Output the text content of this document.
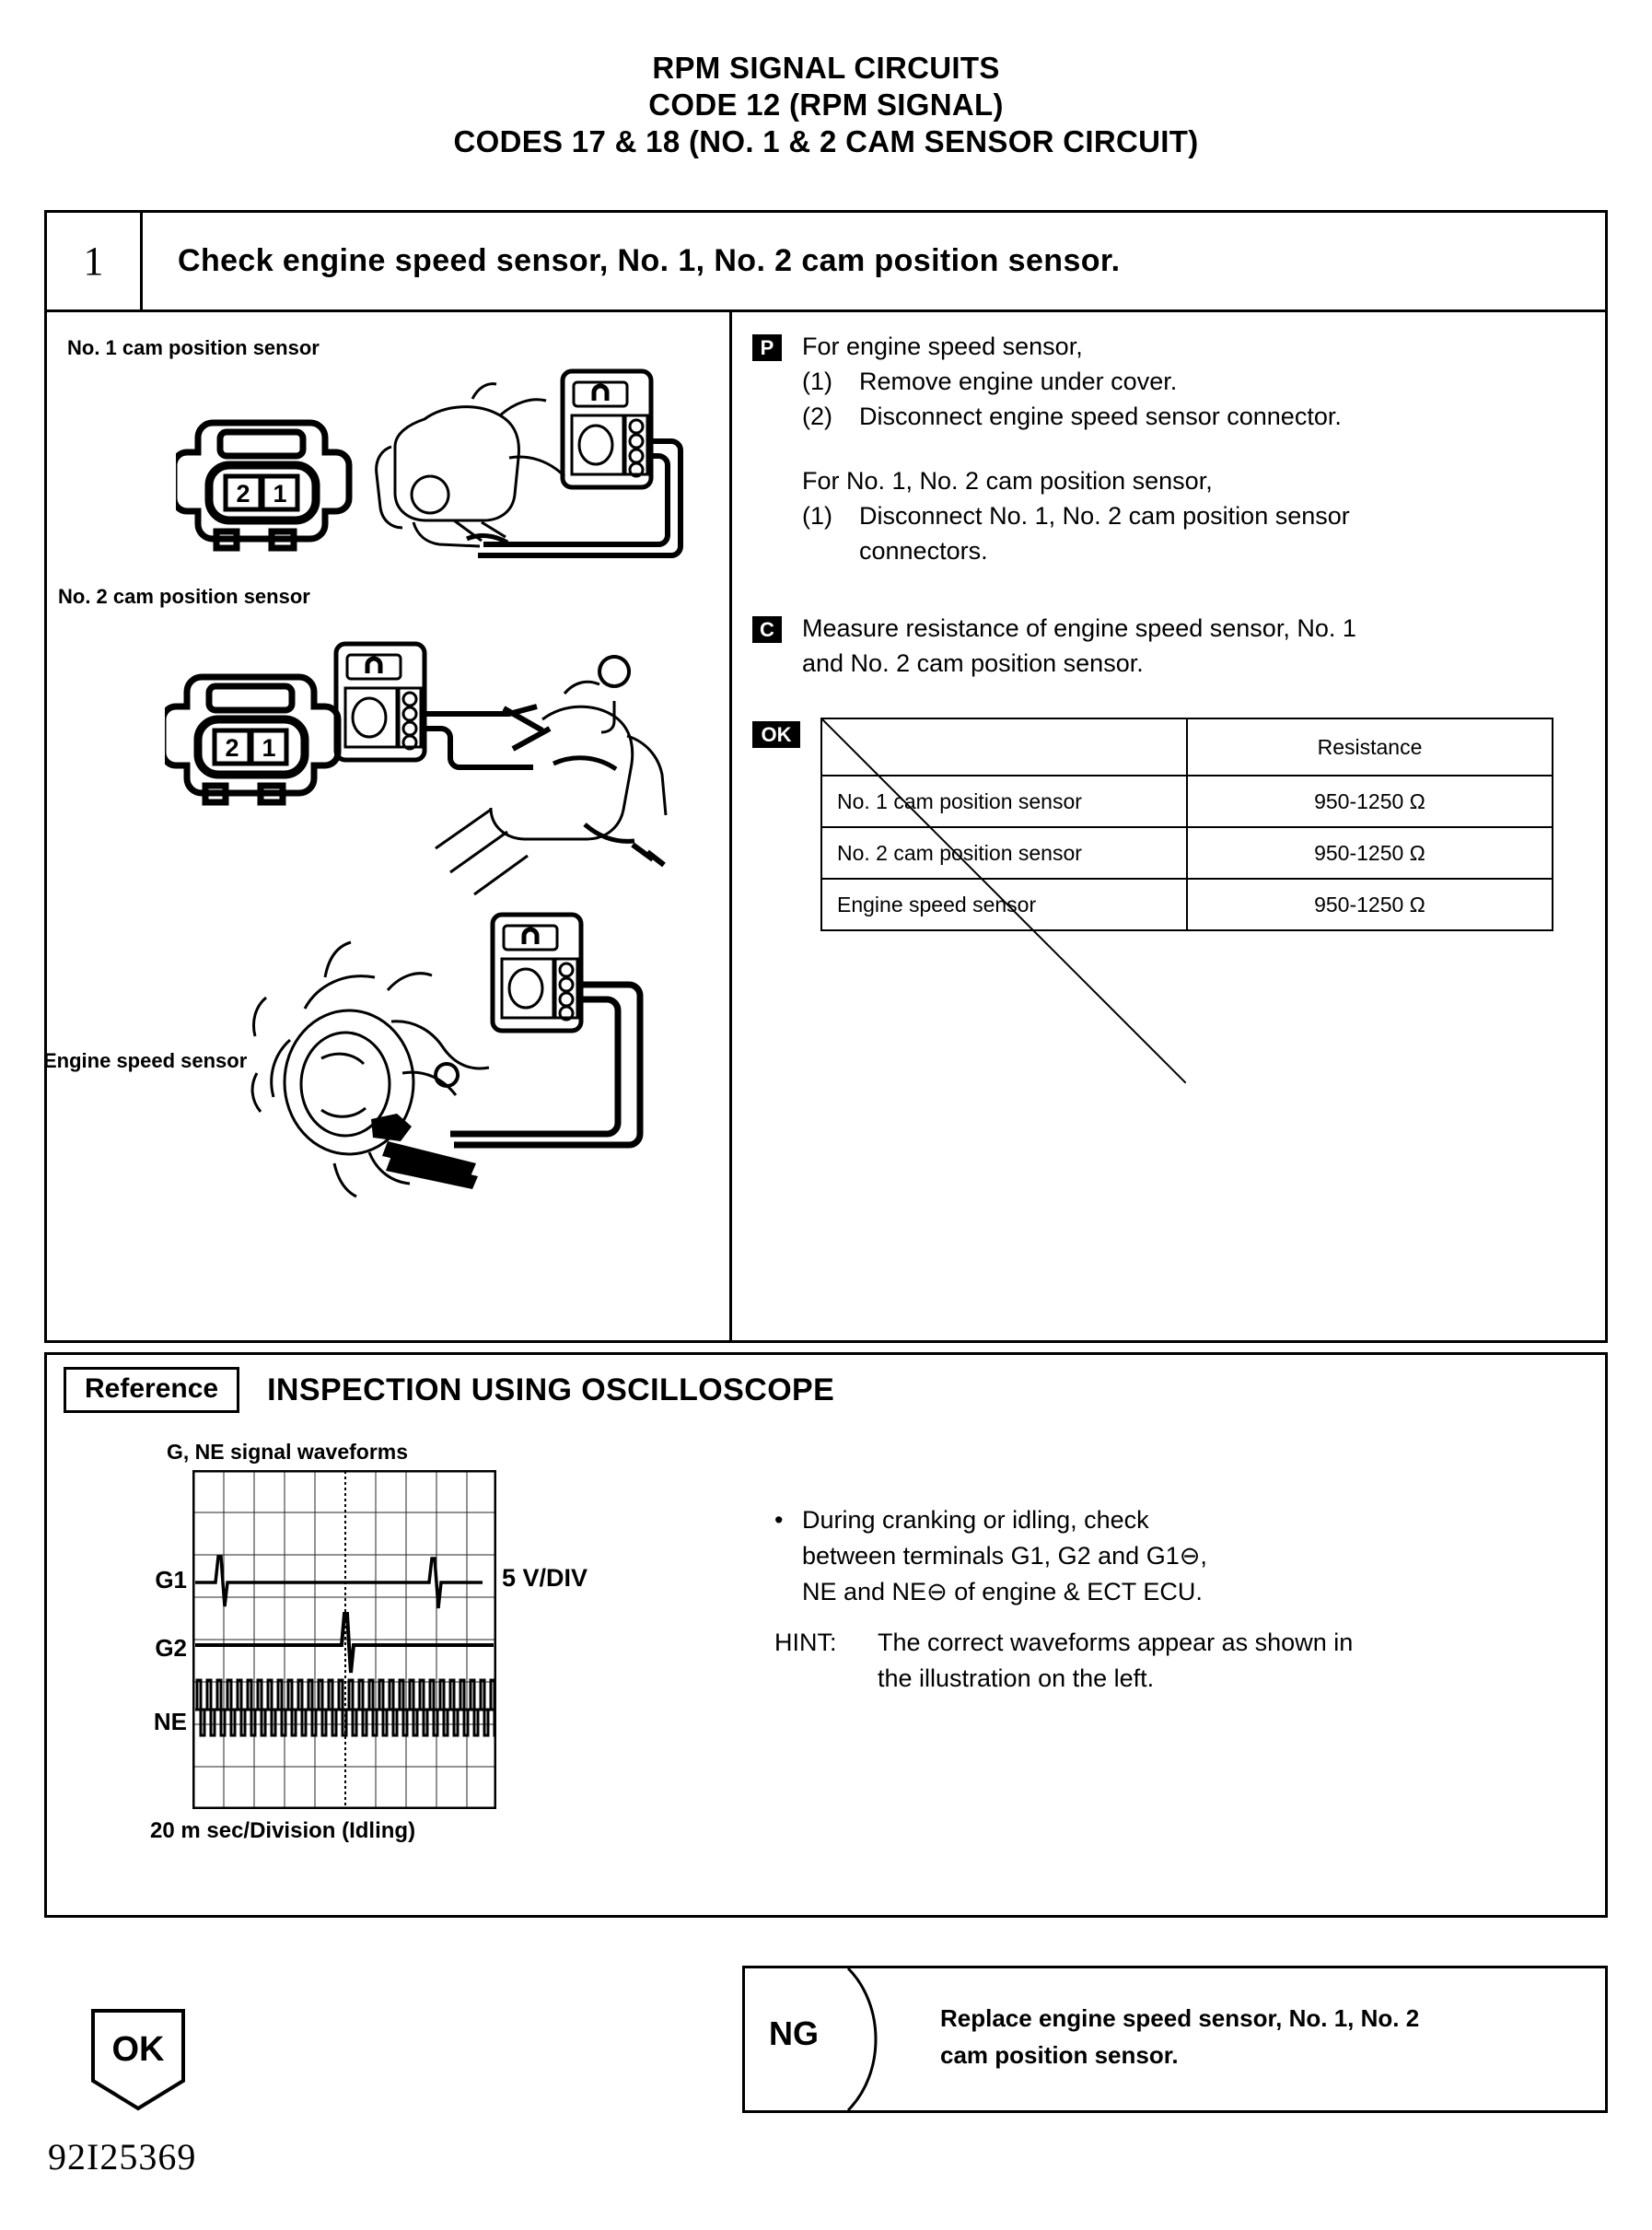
RPM SIGNAL CIRCUITS
CODE 12 (RPM SIGNAL)
CODES 17 & 18 (NO. 1 & 2 CAM SENSOR CIRCUIT)
1	Check engine speed sensor, No. 1, No. 2 cam position sensor.
No. 1 cam position sensor
2 1
No. 2 cam position sensor
2 1
Engine speed sensor
P	For engine speed sensor,
(1)	Remove engine under cover.
(2)	Disconnect engine speed sensor connector.
For No. 1, No. 2 cam position sensor,
(1)	Disconnect No. 1, No. 2 cam position sensor
connectors.
C Measure resistance of engine speed sensor, No. 1
and No. 2 cam position sensor.
OK
		Resistance
No. 1 cam position sensor	950-1250 Ω
No. 2 cam position sensor	950-1250 Ω
Engine speed sensor	950-1250 Ω
Reference	INSPECTION USING OSCILLOSCOPE
G, NE signal waveforms
G1
G2
NE
5 V/DIV
20 m sec/Division (Idling)
• During cranking or idling, check
between terminals G1, G2 and G1⊖,
NE and NE⊖ of engine & ECT ECU.
HINT:	The correct waveforms appear as shown in
the illustration on the left.
OK	NG	Replace engine speed sensor, No. 1, No. 2
cam position sensor.
92I25369
